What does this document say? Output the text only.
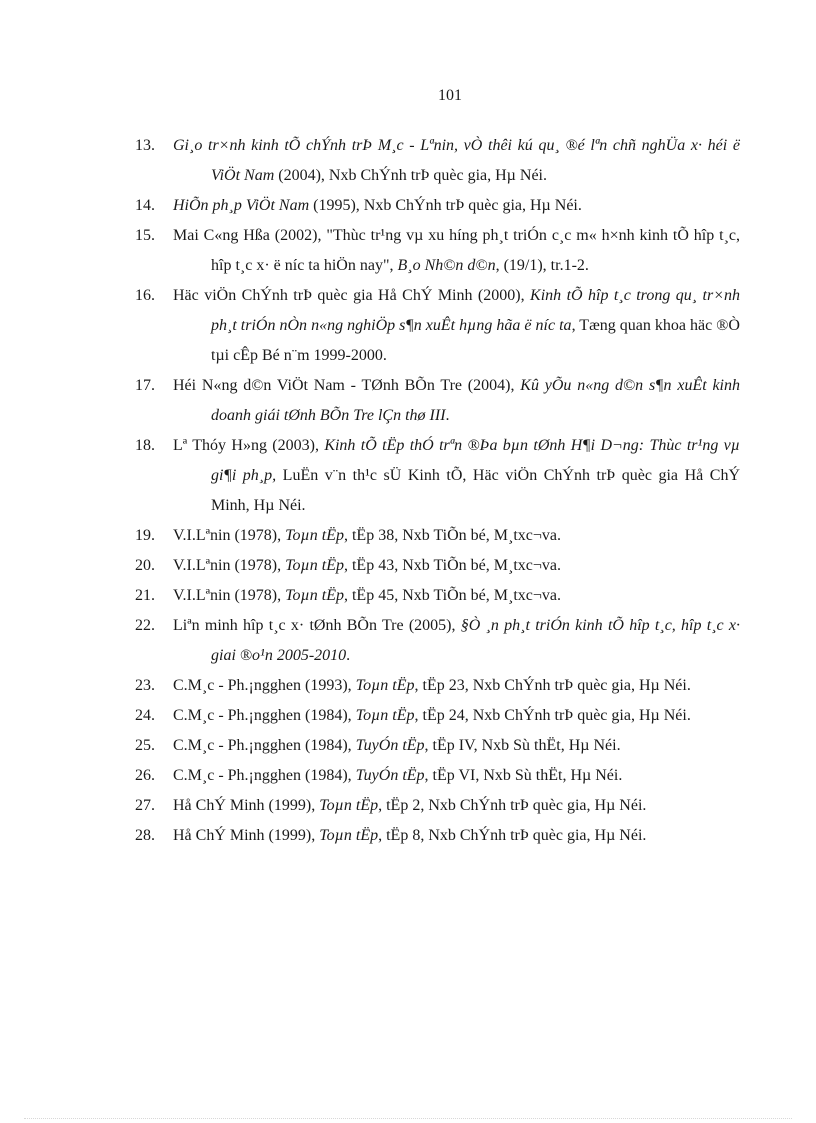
101
13.	Gi¸o tr×nh kinh tÕ chÝnh trÞ M¸c - Lªnin, vÒ thêi kú qu¸ ®é lªn chñ nghÜa x· héi ë ViÖt Nam (2004), Nxb ChÝnh trÞ quèc gia, Hµ Néi.
14.	HiÕn ph¸p ViÖt Nam (1995), Nxb ChÝnh trÞ quèc gia, Hµ Néi.
15.	Mai C«ng Hßa (2002), "Thùc tr¹ng vµ xu híng ph¸t triÓn c¸c m« h×nh kinh tÕ hîp t¸c, hîp t¸c x· ë níc ta hiÖn nay", B¸o Nh©n d©n, (19/1), tr.1-2.
16.	Häc viÖn ChÝnh trÞ quèc gia Hå ChÝ Minh (2000), Kinh tÕ hîp t¸c trong qu¸ tr×nh ph¸t triÓn nÒn n«ng nghiÖp s¶n xuÊt hµng hãa ë níc ta, Tæng quan khoa häc ®Ò tµi cÊp Bé n¨m 1999-2000.
17.	Héi N«ng d©n ViÖt Nam - TØnh BÕn Tre (2004), Kû yÕu n«ng d©n s¶n xuÊt kinh doanh giái tØnh BÕn Tre lÇn thø III.
18.	Lª Thóy H»ng (2003), Kinh tÕ tËp thÓ trªn ®Þa bµn tØnh H¶i D¬ng: Thùc tr¹ng vµ gi¶i ph¸p, LuËn v¨n th¹c sÜ Kinh tÕ, Häc viÖn ChÝnh trÞ quèc gia Hå ChÝ Minh, Hµ Néi.
19.	V.I.Lªnin (1978), Toµn tËp, tËp 38, Nxb TiÕn bé, M¸txc¬va.
20.	V.I.Lªnin (1978), Toµn tËp, tËp 43, Nxb TiÕn bé, M¸txc¬va.
21.	V.I.Lªnin (1978), Toµn tËp, tËp 45, Nxb TiÕn bé, M¸txc¬va.
22.	Liªn minh hîp t¸c x· tØnh BÕn Tre (2005), §Ò ¸n ph¸t triÓn kinh tÕ hîp t¸c, hîp t¸c x· giai ®o¹n 2005-2010.
23.	C.M¸c - Ph.¡ngghen (1993), Toµn tËp, tËp 23, Nxb ChÝnh trÞ quèc gia, Hµ Néi.
24.	C.M¸c - Ph.¡ngghen (1984), Toµn tËp, tËp 24, Nxb ChÝnh trÞ quèc gia, Hµ Néi.
25.	C.M¸c - Ph.¡ngghen (1984), TuyÓn tËp, tËp IV, Nxb Sù thËt, Hµ Néi.
26.	C.M¸c - Ph.¡ngghen (1984), TuyÓn tËp, tËp VI, Nxb Sù thËt, Hµ Néi.
27.	Hå ChÝ Minh (1999), Toµn tËp, tËp 2, Nxb ChÝnh trÞ quèc gia, Hµ Néi.
28.	Hå ChÝ Minh (1999), Toµn tËp, tËp 8, Nxb ChÝnh trÞ quèc gia, Hµ Néi.
